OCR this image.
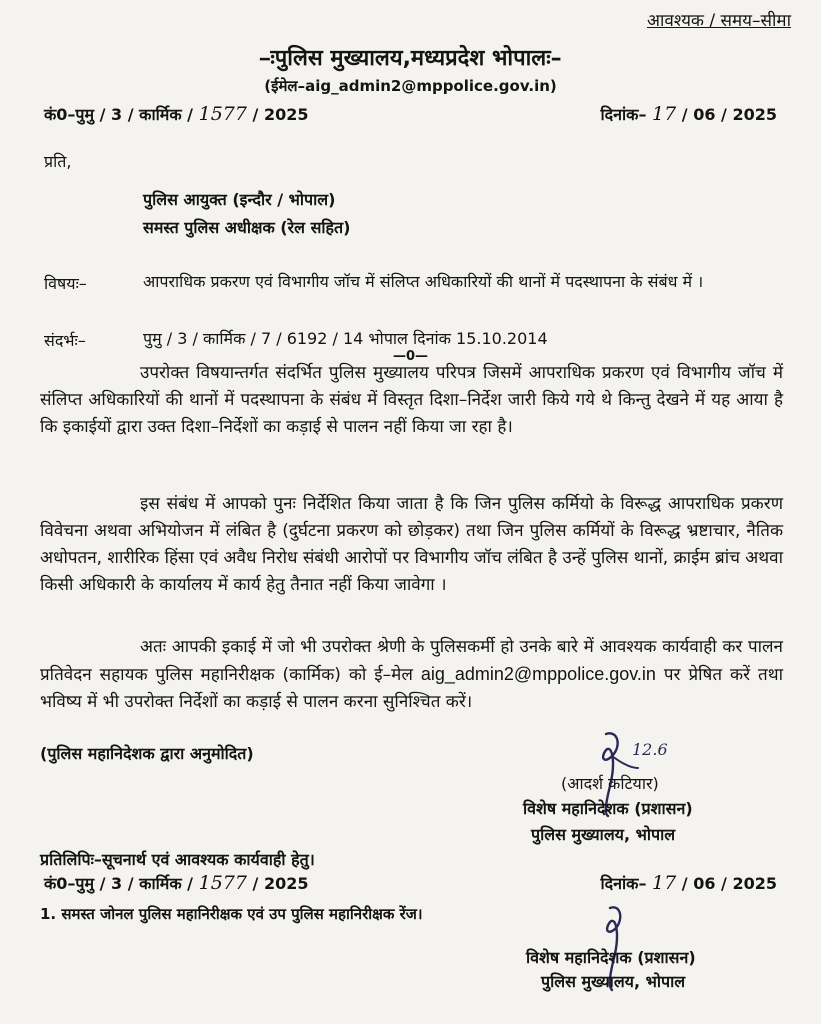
आवश्यक / समय–सीमा
–ःपुलिस मुख्यालय,मध्यप्रदेश भोपालः–
(ईमेल–aig_admin2@mppolice.gov.in)
कं0–पुमु / 3 / कार्मिक / 1577 / 2025	दिनांक– 17 / 06 / 2025
प्रति,
पुलिस आयुक्त (इन्दौर / भोपाल)
समस्त पुलिस अधीक्षक (रेल सहित)
विषयः–	आपराधिक प्रकरण एवं विभागीय जॉच में संलिप्त अधिकारियों की थानों में पदस्थापना के संबंध में ।
संदर्भः–	पुमु / 3 / कार्मिक / 7 / 6192 / 14 भोपाल दिनांक 15.10.2014
—0—

उपरोक्त विषयान्तर्गत संदर्भित पुलिस मुख्यालय परिपत्र जिसमें आपराधिक प्रकरण एवं विभागीय जॉच में संलिप्त अधिकारियों की थानों में पदस्थापना के संबंध में विस्तृत दिशा–निर्देश जारी किये गये थे किन्तु देखने में यह आया है कि इकाईयों द्वारा उक्त दिशा–निर्देशों का कड़ाई से पालन नहीं किया जा रहा है।

इस संबंध में आपको पुनः निर्देशित किया जाता है कि जिन पुलिस कर्मियो के विरूद्ध आपराधिक प्रकरण विवेचना अथवा अभियोजन में लंबित है (दुर्घटना प्रकरण को छोड़कर) तथा जिन पुलिस कर्मियों के विरूद्ध भ्रष्टाचार, नैतिक अधोपतन, शारीरिक हिंसा एवं अवैध निरोध संबंधी आरोपों पर विभागीय जॉच लंबित है उन्हें पुलिस थानों, क्राईम ब्रांच अथवा किसी अधिकारी के कार्यालय में कार्य हेतु तैनात नहीं किया जावेगा ।

अतः आपकी इकाई में जो भी उपरोक्त श्रेणी के पुलिसकर्मी हो उनके बारे में आवश्यक कार्यवाही कर पालन प्रतिवेदन सहायक पुलिस महानिरीक्षक (कार्मिक) को ई–मेल aig_admin2@mppolice.gov.in पर प्रेषित करें तथा भविष्य में भी उपरोक्त निर्देशों का कड़ाई से पालन करना सुनिश्चित करें।

(पुलिस महानिदेशक द्वारा अनुमोदित)	12.6
(आदर्श कटियार)
विशेष महानिदेशक (प्रशासन)
पुलिस मुख्यालय, भोपाल
प्रतिलिपिः–सूचनार्थ एवं आवश्यक कार्यवाही हेतु।
कं0–पुमु / 3 / कार्मिक / 1577 / 2025	दिनांक– 17 / 06 / 2025
1. समस्त जोनल पुलिस महानिरीक्षक एवं उप पुलिस महानिरीक्षक रेंज।
विशेष महानिदेशक (प्रशासन)
पुलिस मुख्यालय, भोपाल
